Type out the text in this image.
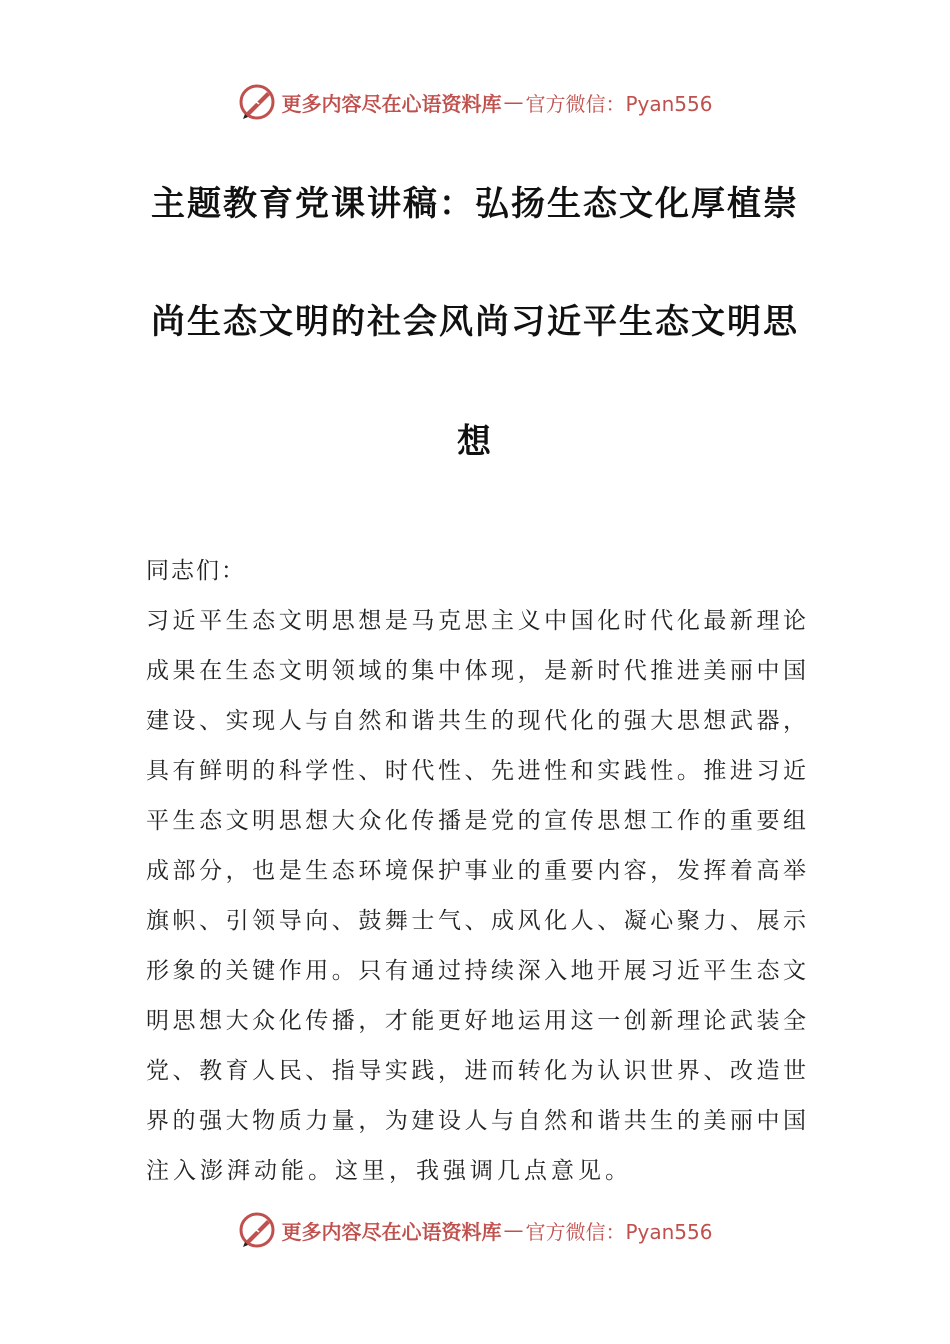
更多内容尽在心语资料库 — 官方微信：Pyan556
主题教育党课讲稿：弘扬生态文化厚植崇
尚生态文明的社会风尚习近平生态文明思
想
同志们：
习近平生态文明思想是马克思主义中国化时代化最新理论
成果在生态文明领域的集中体现，是新时代推进美丽中国
建设、实现人与自然和谐共生的现代化的强大思想武器，
具有鲜明的科学性、时代性、先进性和实践性。推进习近
平生态文明思想大众化传播是党的宣传思想工作的重要组
成部分，也是生态环境保护事业的重要内容，发挥着高举
旗帜、引领导向、鼓舞士气、成风化人、凝心聚力、展示
形象的关键作用。只有通过持续深入地开展习近平生态文
明思想大众化传播，才能更好地运用这一创新理论武装全
党、教育人民、指导实践，进而转化为认识世界、改造世
界的强大物质力量，为建设人与自然和谐共生的美丽中国
注入澎湃动能。这里，我强调几点意见。
更多内容尽在心语资料库 — 官方微信：Pyan556
